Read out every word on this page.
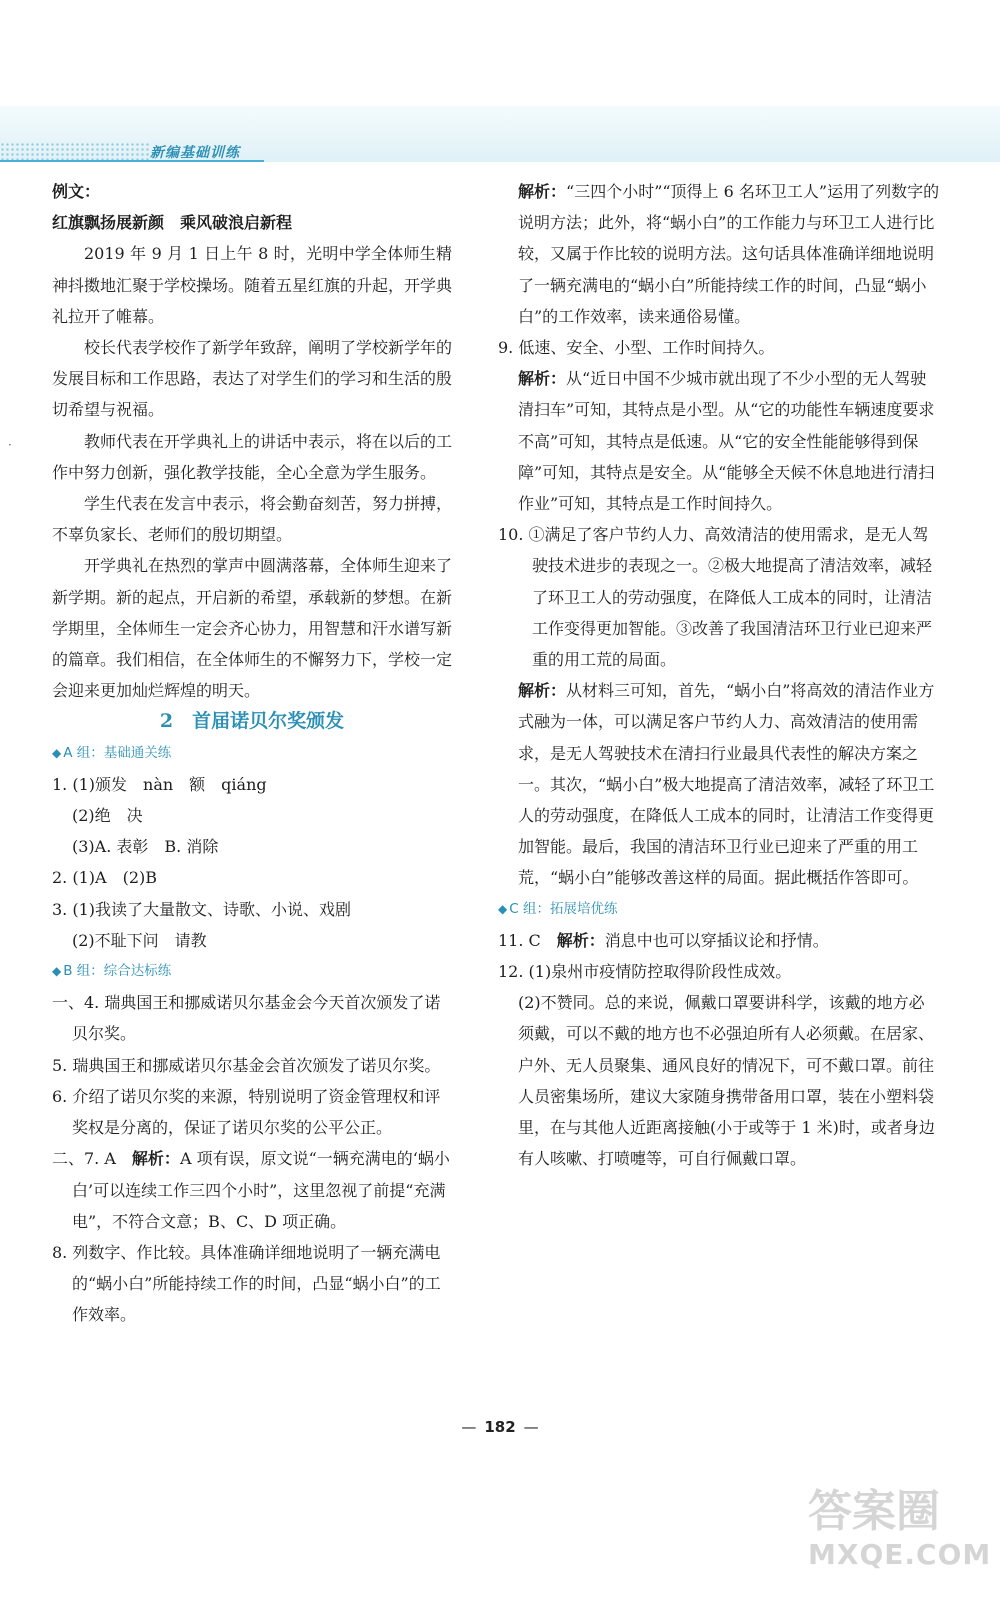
新编基础训练
·

例文：

红旗飘扬展新颜　乘风破浪启新程

2019 年 9 月 1 日上午 8 时，光明中学全体师生精神抖擞地汇聚于学校操场。随着五星红旗的升起，开学典礼拉开了帷幕。

校长代表学校作了新学年致辞，阐明了学校新学年的发展目标和工作思路，表达了对学生们的学习和生活的殷切希望与祝福。

教师代表在开学典礼上的讲话中表示，将在以后的工作中努力创新，强化教学技能，全心全意为学生服务。

学生代表在发言中表示，将会勤奋刻苦，努力拼搏，不辜负家长、老师们的殷切期望。

开学典礼在热烈的掌声中圆满落幕，全体师生迎来了新学期。新的起点，开启新的希望，承载新的梦想。在新学期里，全体师生一定会齐心协力，用智慧和汗水谱写新的篇章。我们相信，在全体师生的不懈努力下，学校一定会迎来更加灿烂辉煌的明天。

2　首届诺贝尔奖颁发

◆ A 组：基础通关练

1. (1)颁发　nàn　额　qiáng

(2)绝　决

(3)A. 表彰　B. 消除

2. (1)A　(2)B

3. (1)我读了大量散文、诗歌、小说、戏剧

(2)不耻下问　请教

◆ B 组：综合达标练

一、4. 瑞典国王和挪威诺贝尔基金会今天首次颁发了诺贝尔奖。

5. 瑞典国王和挪威诺贝尔基金会首次颁发了诺贝尔奖。

6. 介绍了诺贝尔奖的来源，特别说明了资金管理权和评奖权是分离的，保证了诺贝尔奖的公平公正。

二、7. A　解析：A 项有误，原文说“一辆充满电的‘蜗小白’可以连续工作三四个小时”，这里忽视了前提“充满电”，不符合文意；B、C、D 项正确。

8. 列数字、作比较。具体准确详细地说明了一辆充满电的“蜗小白”所能持续工作的时间，凸显“蜗小白”的工作效率。

解析：“三四个小时”“顶得上 6 名环卫工人”运用了列数字的说明方法；此外，将“蜗小白”的工作能力与环卫工人进行比较，又属于作比较的说明方法。这句话具体准确详细地说明了一辆充满电的“蜗小白”所能持续工作的时间，凸显“蜗小白”的工作效率，读来通俗易懂。

9. 低速、安全、小型、工作时间持久。

解析：从“近日中国不少城市就出现了不少小型的无人驾驶清扫车”可知，其特点是小型。从“它的功能性车辆速度要求不高”可知，其特点是低速。从“它的安全性能能够得到保障”可知，其特点是安全。从“能够全天候不休息地进行清扫作业”可知，其特点是工作时间持久。

10. ①满足了客户节约人力、高效清洁的使用需求，是无人驾驶技术进步的表现之一。②极大地提高了清洁效率，减轻了环卫工人的劳动强度，在降低人工成本的同时，让清洁工作变得更加智能。③改善了我国清洁环卫行业已迎来严重的用工荒的局面。

解析：从材料三可知，首先，“蜗小白”将高效的清洁作业方式融为一体，可以满足客户节约人力、高效清洁的使用需求，是无人驾驶技术在清扫行业最具代表性的解决方案之一。其次，“蜗小白”极大地提高了清洁效率，减轻了环卫工人的劳动强度，在降低人工成本的同时，让清洁工作变得更加智能。最后，我国的清洁环卫行业已迎来了严重的用工荒，“蜗小白”能够改善这样的局面。据此概括作答即可。

◆ C 组：拓展培优练

11. C　解析：消息中也可以穿插议论和抒情。

12. (1)泉州市疫情防控取得阶段性成效。

(2)不赞同。总的来说，佩戴口罩要讲科学，该戴的地方必须戴，可以不戴的地方也不必强迫所有人必须戴。在居家、户外、无人员聚集、通风良好的情况下，可不戴口罩。前往人员密集场所，建议大家随身携带备用口罩，装在小塑料袋里，在与其他人近距离接触(小于或等于 1 米)时，或者身边有人咳嗽、打喷嚏等，可自行佩戴口罩。

— 182 —
答案圈
MXQE.COM
